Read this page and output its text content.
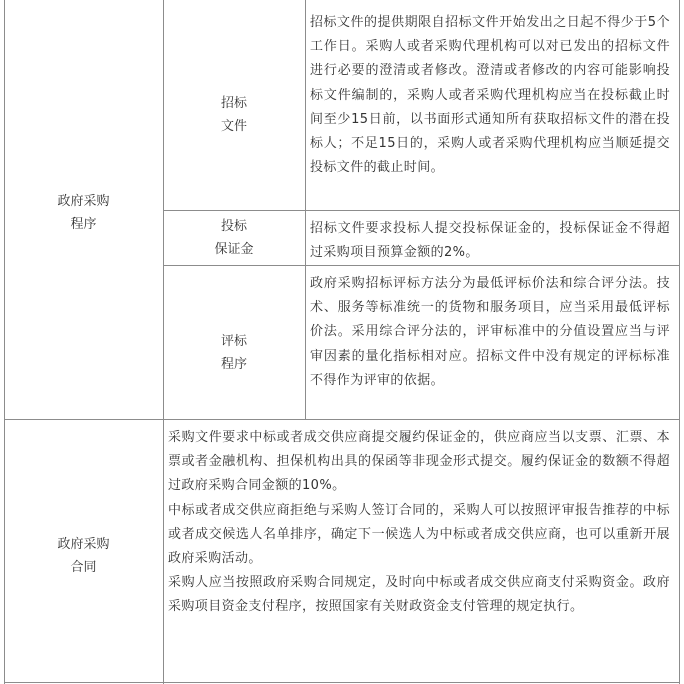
政府采购
程序
招标
文件

招标文件的提供期限自招标文件开始发出之日起不得少于5个工作日。采购人或者采购代理机构可以对已发出的招标文件进行必要的澄清或者修改。澄清或者修改的内容可能影响投标文件编制的，采购人或者采购代理机构应当在投标截止时间至少15日前，以书面形式通知所有获取招标文件的潜在投标人；不足15日的，采购人或者采购代理机构应当顺延提交投标文件的截止时间。

投标
保证金

招标文件要求投标人提交投标保证金的，投标保证金不得超过采购项目预算金额的2%。

评标
程序

政府采购招标评标方法分为最低评标价法和综合评分法。技术、服务等标准统一的货物和服务项目，应当采用最低评标价法。采用综合评分法的，评审标准中的分值设置应当与评审因素的量化指标相对应。招标文件中没有规定的评标标准不得作为评审的依据。

政府采购
合同

采购文件要求中标或者成交供应商提交履约保证金的，供应商应当以支票、汇票、本票或者金融机构、担保机构出具的保函等非现金形式提交。履约保证金的数额不得超过政府采购合同金额的10%。

中标或者成交供应商拒绝与采购人签订合同的，采购人可以按照评审报告推荐的中标或者成交候选人名单排序，确定下一候选人为中标或者成交供应商，也可以重新开展政府采购活动。

采购人应当按照政府采购合同规定，及时向中标或者成交供应商支付采购资金。政府采购项目资金支付程序，按照国家有关财政资金支付管理的规定执行。
